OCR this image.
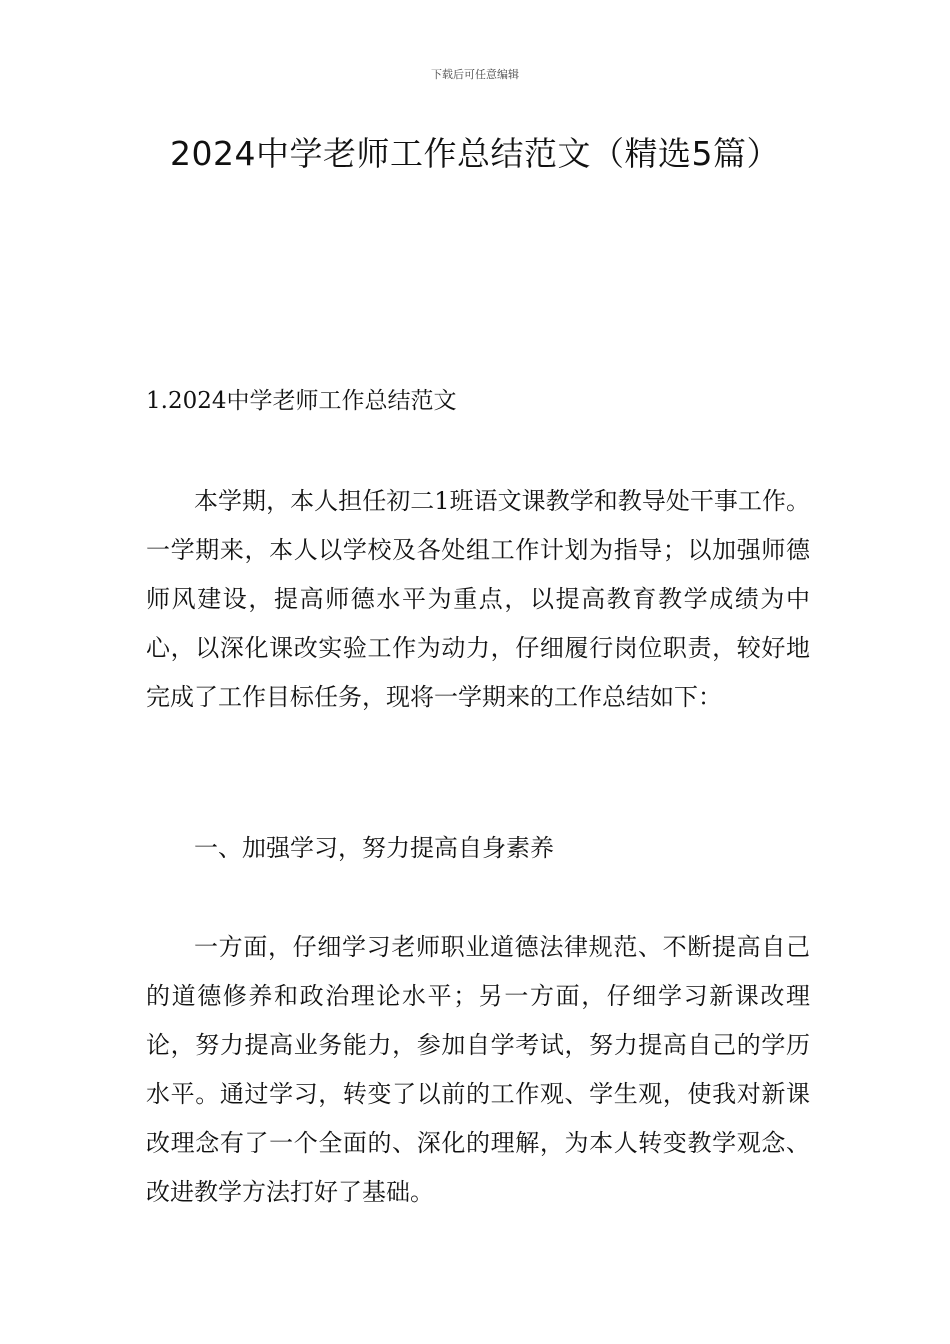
下载后可任意编辑
2024中学老师工作总结范文（精选5篇）
1.2024中学老师工作总结范文

本学期，本人担任初二1班语文课教学和教导处干事工作。一学期来，本人以学校及各处组工作计划为指导；以加强师德师风建设，提高师德水平为重点，以提高教育教学成绩为中心，以深化课改实验工作为动力，仔细履行岗位职责，较好地完成了工作目标任务，现将一学期来的工作总结如下：

一、加强学习，努力提高自身素养

一方面，仔细学习老师职业道德法律规范、不断提高自己的道德修养和政治理论水平；另一方面，仔细学习新课改理论，努力提高业务能力，参加自学考试，努力提高自己的学历水平。通过学习，转变了以前的工作观、学生观，使我对新课改理念有了一个全面的、深化的理解，为本人转变教学观念、改进教学方法打好了基础。
